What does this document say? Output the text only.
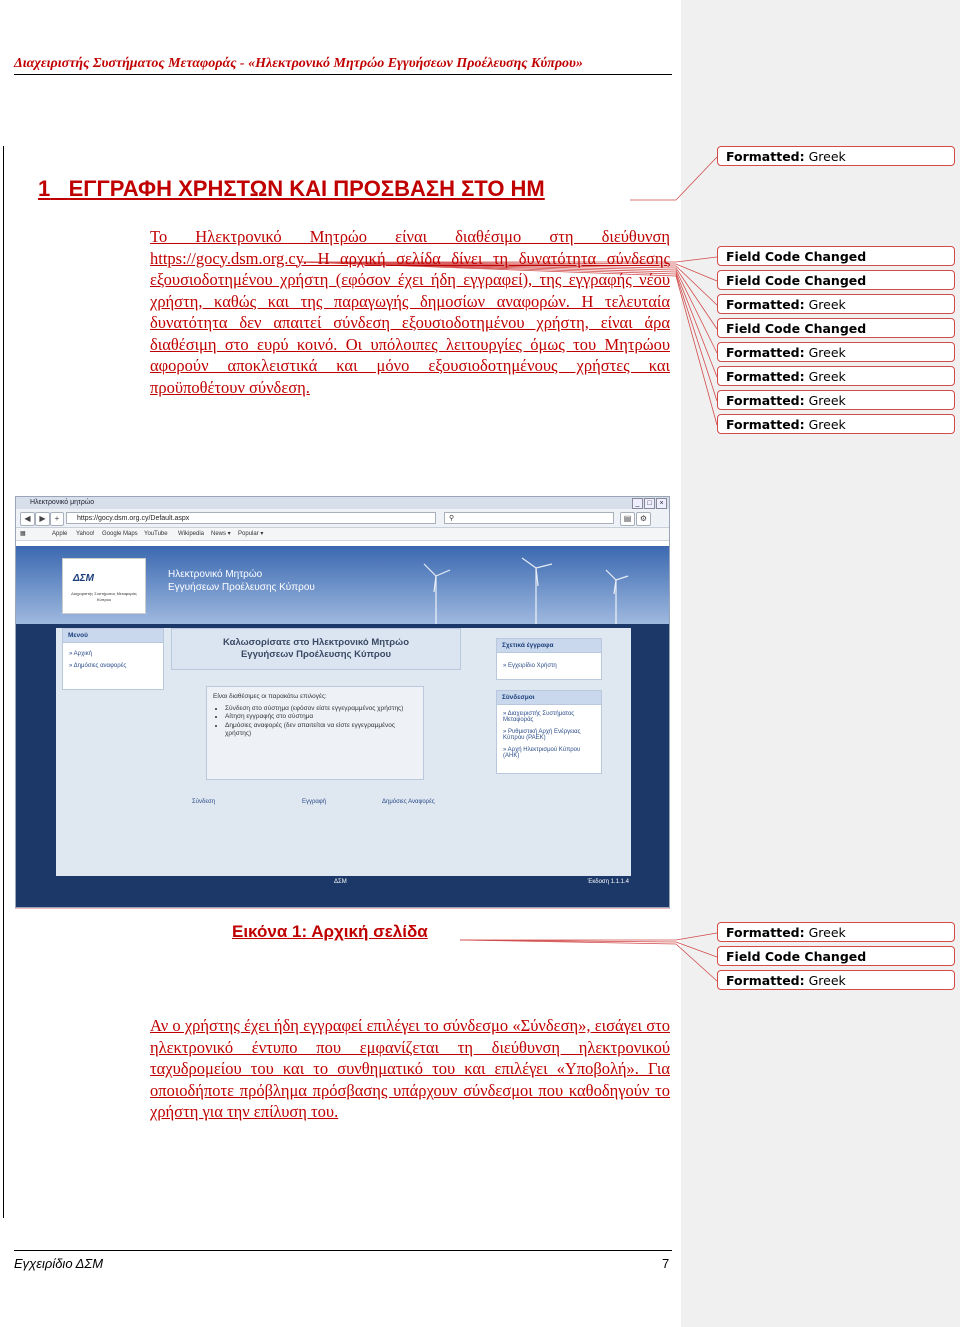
Διαχειριστής Συστήματος Μεταφοράς - «Ηλεκτρονικό Μητρώο Εγγυήσεων Προέλευσης Κύπρου»
1 ΕΓΓΡΑΦΗ ΧΡΗΣΤΩΝ ΚΑΙ ΠΡΟΣΒΑΣΗ ΣΤΟ ΗΜ
Το Ηλεκτρονικό Μητρώο είναι διαθέσιμο στη διεύθυνση https://gocy.dsm.org.cy. Η αρχική σελίδα δίνει τη δυνατότητα σύνδεσης εξουσιοδοτημένου χρήστη (εφόσον έχει ήδη εγγραφεί), της εγγραφής νέου χρήστη, καθώς και της παραγωγής δημοσίων αναφορών. Η τελευταία δυνατότητα δεν απαιτεί σύνδεση εξουσιοδοτημένου χρήστη, είναι άρα διαθέσιμη στο ευρύ κοινό. Οι υπόλοιπες λειτουργίες όμως του Μητρώου αφορούν αποκλειστικά και μόνο εξουσιοδοτημένους χρήστες και προϋποθέτουν σύνδεση.
Ηλεκτρονικό μητρώο	_	□	×
◀	▶	+	https://gocy.dsm.org.cy/Default.aspx	⚲	▤	⚙
▦	Apple Yahoo! Google Maps YouTube Wikipedia News ▾ Popular ▾
ΔΣΜ
Διαχειριστής Συστήματος Μεταφοράς Κύπρου
Ηλεκτρονικό Μητρώο
Εγγυήσεων Προέλευσης Κύπρου
Μενού
» Αρχική
» Δημόσιες αναφορές
Σχετικά έγγραφα
» Εγχειρίδιο Χρήστη
Σύνδεσμοι
» Διαχειριστής Συστήματος Μεταφοράς
» Ρυθμιστική Αρχή Ενέργειας Κύπρου (ΡΑΕΚ)
» Αρχή Ηλεκτρισμού Κύπρου (ΑΗΚ)
Καλωσορίσατε στο Ηλεκτρονικό Μητρώο
Εγγυήσεων Προέλευσης Κύπρου
Είναι διαθέσιμες οι παρακάτω επιλογές:
• Σύνδεση στο σύστημα (εφόσον είστε εγγεγραμμένος χρήστης)
• Αίτηση εγγραφής στο σύστημα
• Δημόσιες αναφορές (δεν απαιτείται να είστε εγγεγραμμένος χρήστης)
Σύνδεση	Εγγραφή	Δημόσιες Αναφορές
ΔΣΜ	Έκδοση 1.1.1.4
Εικόνα 1: Αρχική σελίδα
Αν ο χρήστης έχει ήδη εγγραφεί επιλέγει το σύνδεσμο «Σύνδεση», εισάγει στο ηλεκτρονικό έντυπο που εμφανίζεται τη διεύθυνση ηλεκτρονικού ταχυδρομείου του και το συνθηματικό του και επιλέγει «Υποβολή». Για οποιοδήποτε πρόβλημα πρόσβασης υπάρχουν σύνδεσμοι που καθοδηγούν το χρήστη για την επίλυση του.
Εγχειρίδιο ΔΣΜ	7
Formatted: Greek
Field Code Changed
Field Code Changed
Formatted: Greek
Field Code Changed
Formatted: Greek
Formatted: Greek
Formatted: Greek
Formatted: Greek
Formatted: Greek
Field Code Changed
Formatted: Greek
